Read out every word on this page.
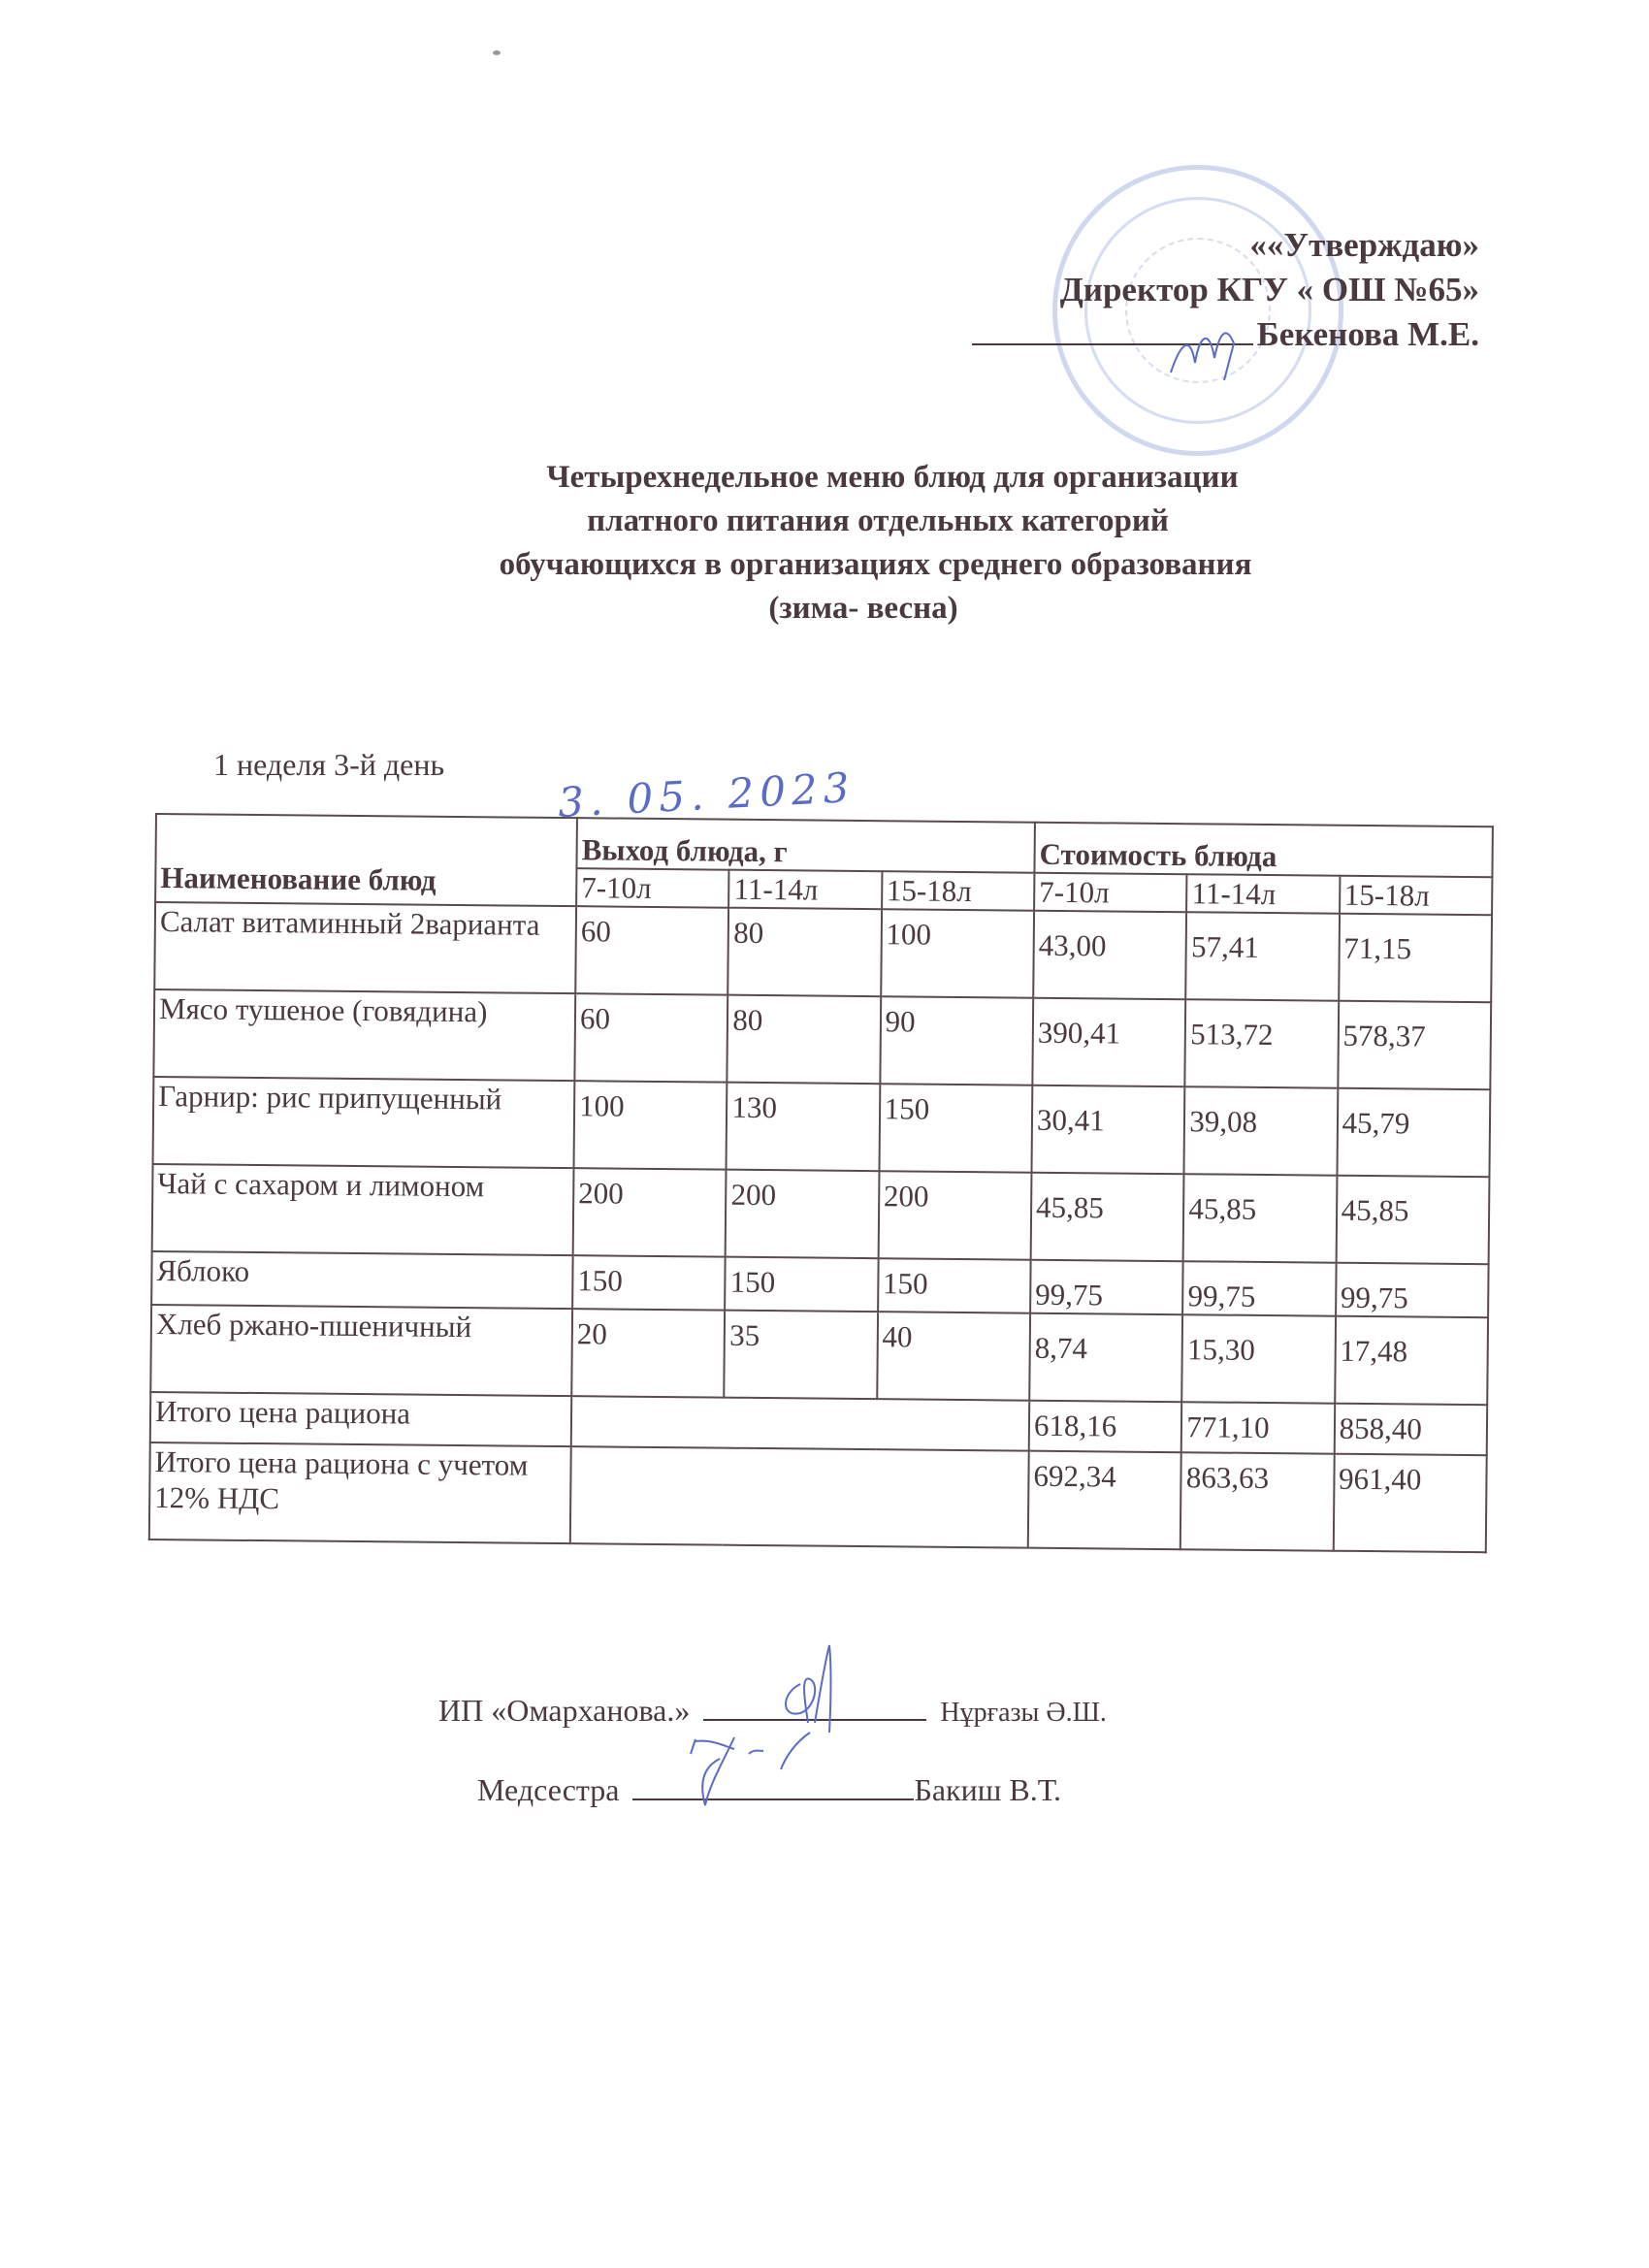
««Утверждаю»
Директор КГУ « ОШ №65»
Бекенова М.Е.
Четырехнедельное меню блюд для организации
платного питания отдельных категорий
обучающихся в организациях среднего образования
(зима- весна)
1 неделя 3-й день	3. 05. 2023
Наименование блюд	Выход блюда, г			Стоимость блюда		
	7-10л	11-14л	15-18л	7-10л	11-14л	15-18л
Салат витаминный 2варианта	60	80	100	43,00	57,41	71,15
Мясо тушеное (говядина)	60	80	90	390,41	513,72	578,37
Гарнир: рис припущенный	100	130	150	30,41	39,08	45,79
Чай с сахаром и лимоном	200	200	200	45,85	45,85	45,85
Яблоко	150	150	150	99,75	99,75	99,75
Хлеб ржано-пшеничный	20	35	40	8,74	15,30	17,48
Итого цена рациона				618,16	771,10	858,40
Итого цена рациона с учетом 12% НДС				692,34	863,63	961,40
ИП «Омарханова.»	Нұрғазы Ә.Ш.
Медсестра	Бакиш В.Т.
